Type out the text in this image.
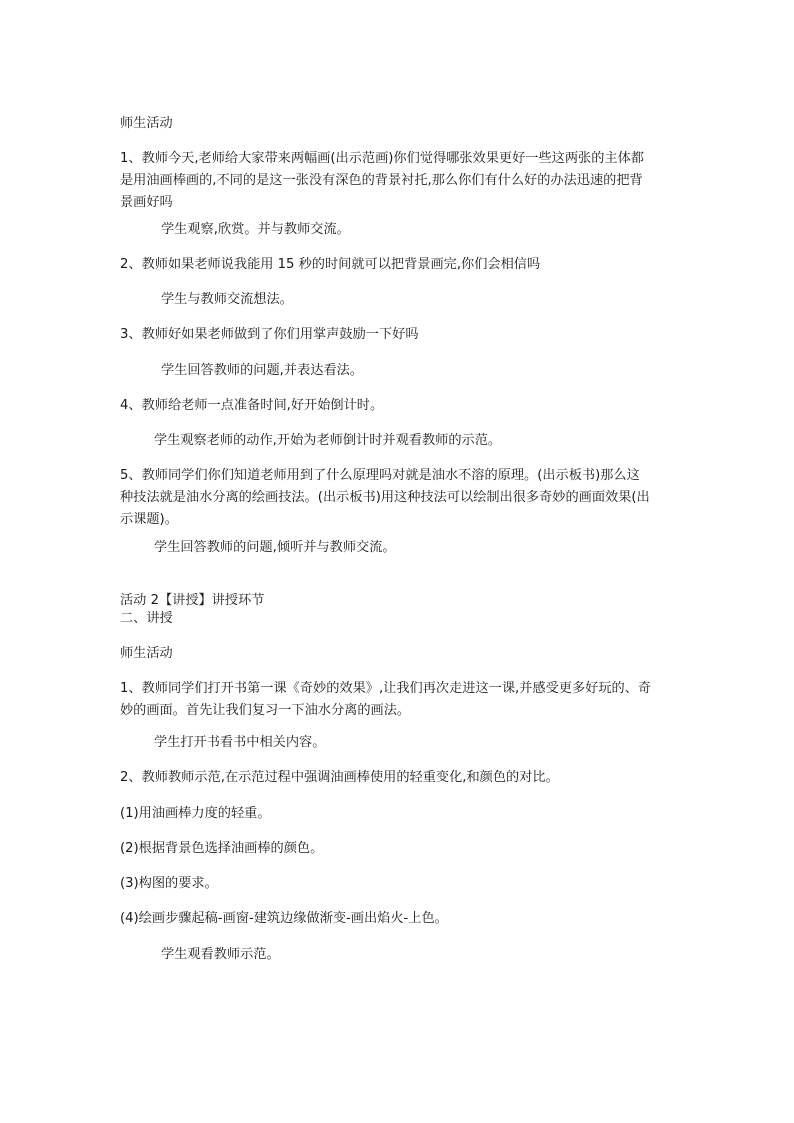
师生活动

1、教师今天,老师给大家带来两幅画(出示范画)你们觉得哪张效果更好一些这两张的主体都
是用油画棒画的,不同的是这一张没有深色的背景衬托,那么你们有什么好的办法迅速的把背
景画好吗

学生观察,欣赏。并与教师交流。

2、教师如果老师说我能用 15 秒的时间就可以把背景画完,你们会相信吗

学生与教师交流想法。

3、教师好如果老师做到了你们用掌声鼓励一下好吗

学生回答教师的问题,并表达看法。

4、教师给老师一点准备时间,好开始倒计时。

学生观察老师的动作,开始为老师倒计时并观看教师的示范。

5、教师同学们你们知道老师用到了什么原理吗对就是油水不溶的原理。(出示板书)那么这
种技法就是油水分离的绘画技法。(出示板书)用这种技法可以绘制出很多奇妙的画面效果(出
示课题)。

学生回答教师的问题,倾听并与教师交流。

活动 2【讲授】讲授环节

二、讲授

师生活动

1、教师同学们打开书第一课《奇妙的效果》,让我们再次走进这一课,并感受更多好玩的、奇
妙的画面。首先让我们复习一下油水分离的画法。

学生打开书看书中相关内容。

2、教师教师示范,在示范过程中强调油画棒使用的轻重变化,和颜色的对比。

(1)用油画棒力度的轻重。

(2)根据背景色选择油画棒的颜色。

(3)构图的要求。

(4)绘画步骤起稿-画窗-建筑边缘做渐变-画出焰火-上色。

学生观看教师示范。
